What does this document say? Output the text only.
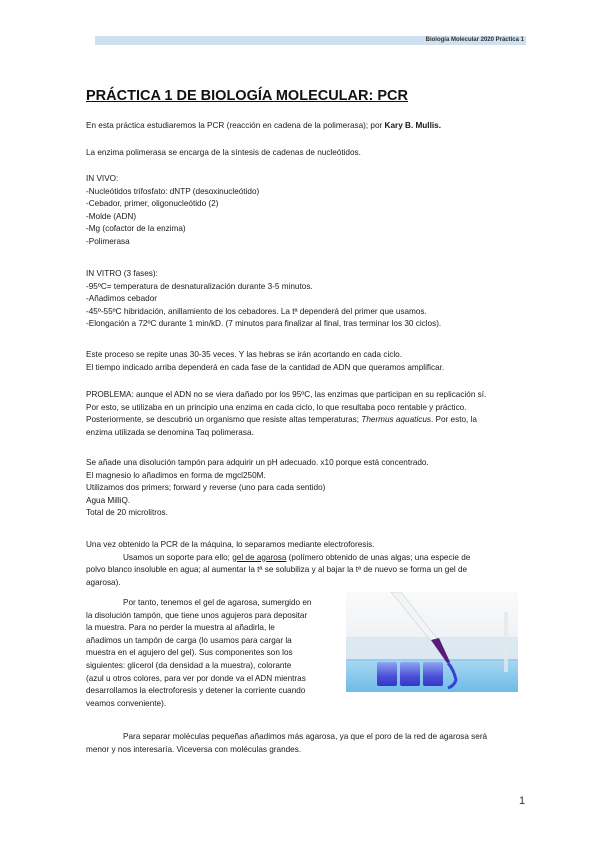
Biología Molecular 2020 Práctica 1
PRÁCTICA 1 DE BIOLOGÍA MOLECULAR: PCR
En esta práctica estudiaremos la PCR (reacción en cadena de la polimerasa); por Kary B. Mullis.
La enzima polimerasa se encarga de la síntesis de cadenas de nucleótidos.
IN VIVO:
-Nucleótidos trifosfato: dNTP (desoxinucleótido)
-Cebador, primer, oligonucleótido (2)
-Molde (ADN)
-Mg (cofactor de la enzima)
-Polimerasa
IN VITRO (3 fases):
-95ºC= temperatura de desnaturalización durante 3-5 minutos.
-Añadimos cebador
-45º-55ºC hibridación, anillamiento de los cebadores. La tª dependerá del primer que usamos.
-Elongación a 72ºC durante 1 min/kD. (7 minutos para finalizar al final, tras terminar los 30 ciclos).
Este proceso se repite unas 30-35 veces. Y las hebras se irán acortando en cada ciclo.
El tiempo indicado arriba dependerá en cada fase de la cantidad de ADN que queramos amplificar.
PROBLEMA: aunque el ADN no se viera dañado por los 95ºC, las enzimas que participan en su replicación sí.
Por esto, se utilizaba en un principio una enzima en cada ciclo, lo que resultaba poco rentable y práctico.
Posteriormente, se descubrió un organismo que resiste altas temperaturas; Thermus aquaticus. Por esto, la
enzima utilizada se denomina Taq polimerasa.
Se añade una disolución tampón para adquirir un pH adecuado. x10 porque está concentrado.
El magnesio lo añadimos en forma de mgcl250M.
Utilizamos dos primers; forward y reverse (uno para cada sentido)
Agua MilliQ.
Total de 20 microlitros.
Una vez obtenido la PCR de la máquina, lo separamos mediante electroforesis.
Usamos un soporte para ello; gel de agarosa (polímero obtenido de unas algas; una especie de
polvo blanco insoluble en agua; al aumentar la tª se solubiliza y al bajar la tª de nuevo se forma un gel de
agarosa).
Por tanto, tenemos el gel de agarosa, sumergido en
la disolución tampón, que tiene unos agujeros para depositar
la muestra. Para no perder la muestra al añadirla, le
añadimos un tampón de carga (lo usamos para cargar la
muestra en el agujero del gel). Sus componentes son los
siguientes: glicerol (da densidad a la muestra), colorante
(azul u otros colores, para ver por donde va el ADN mientras
desarrollamos la electroforesis y detener la corriente cuando
veamos conveniente).
Para separar moléculas pequeñas añadimos más agarosa, ya que el poro de la red de agarosa será
menor y nos interesaría. Viceversa con moléculas grandes.
1
